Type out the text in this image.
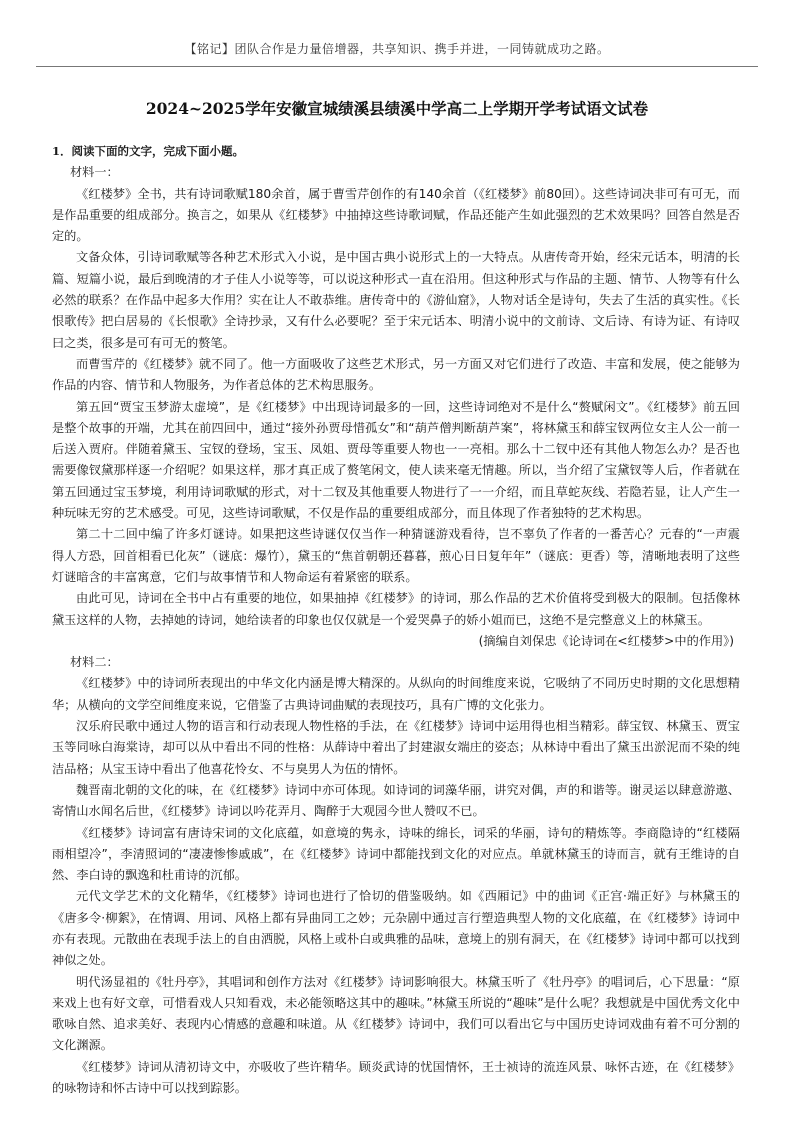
【铭记】团队合作是力量倍增器，共享知识、携手并进，一同铸就成功之路。
2024~2025学年安徽宣城绩溪县绩溪中学高二上学期开学考试语文试卷

1．阅读下面的文字，完成下面小题。

材料一：

《红楼梦》全书，共有诗词歌赋180余首，属于曹雪芹创作的有140余首（《红楼梦》前80回）。这些诗词决非可有可无，而是作品重要的组成部分。换言之，如果从《红楼梦》中抽掉这些诗歌词赋，作品还能产生如此强烈的艺术效果吗？回答自然是否定的。

文备众体，引诗词歌赋等各种艺术形式入小说，是中国古典小说形式上的一大特点。从唐传奇开始，经宋元话本，明清的长篇、短篇小说，最后到晚清的才子佳人小说等等，可以说这种形式一直在沿用。但这种形式与作品的主题、情节、人物等有什么必然的联系？在作品中起多大作用？实在让人不敢恭维。唐传奇中的《游仙窟》，人物对话全是诗句，失去了生活的真实性。《长恨歌传》把白居易的《长恨歌》全诗抄录，又有什么必要呢？至于宋元话本、明清小说中的文前诗、文后诗、有诗为证、有诗叹曰之类，很多是可有可无的赘笔。

而曹雪芹的《红楼梦》就不同了。他一方面吸收了这些艺术形式，另一方面又对它们进行了改造、丰富和发展，使之能够为作品的内容、情节和人物服务，为作者总体的艺术构思服务。

第五回“贾宝玉梦游太虚境”，是《红楼梦》中出现诗词最多的一回，这些诗词绝对不是什么“赘赋闲文”。《红楼梦》前五回是整个故事的开端，尤其在前四回中，通过“接外孙贾母惜孤女”和“葫芦僧判断葫芦案”，将林黛玉和薛宝钗两位女主人公一前一后送入贾府。伴随着黛玉、宝钗的登场，宝玉、凤姐、贾母等重要人物也一一亮相。那么十二钗中还有其他人物怎么办？是否也需要像钗黛那样逐一介绍呢？如果这样，那才真正成了赘笔闲文，使人读来毫无情趣。所以，当介绍了宝黛钗等人后，作者就在第五回通过宝玉梦境，利用诗词歌赋的形式，对十二钗及其他重要人物进行了一一介绍，而且草蛇灰线、若隐若显，让人产生一种玩味无穷的艺术感受。可见，这些诗词歌赋，不仅是作品的重要组成部分，而且体现了作者独特的艺术构思。

第二十二回中编了许多灯谜诗。如果把这些诗谜仅仅当作一种猜谜游戏看待，岂不辜负了作者的一番苦心？元春的“一声震得人方恐，回首相看已化灰”（谜底：爆竹），黛玉的“焦首朝朝还暮暮，煎心日日复年年”（谜底：更香）等，清晰地表明了这些灯谜暗含的丰富寓意，它们与故事情节和人物命运有着紧密的联系。

由此可见，诗词在全书中占有重要的地位，如果抽掉《红楼梦》的诗词，那么作品的艺术价值将受到极大的限制。包括像林黛玉这样的人物，去掉她的诗词，她给读者的印象也仅仅就是一个爱哭鼻子的娇小姐而已，这绝不是完整意义上的林黛玉。

(摘编自刘保忠《论诗词在<红楼梦>中的作用》)

材料二：

《红楼梦》中的诗词所表现出的中华文化内涵是博大精深的。从纵向的时间维度来说，它吸纳了不同历史时期的文化思想精华；从横向的文学空间维度来说，它借鉴了古典诗词曲赋的表现技巧，具有广博的文化张力。

汉乐府民歌中通过人物的语言和行动表现人物性格的手法，在《红楼梦》诗词中运用得也相当精彩。薛宝钗、林黛玉、贾宝玉等同咏白海棠诗，却可以从中看出不同的性格：从薛诗中着出了封建淑女端庄的姿态；从林诗中看出了黛玉出淤泥而不染的纯洁品格；从宝玉诗中看出了他喜花怜女、不与臭男人为伍的情怀。

魏晋南北朝的文化的味，在《红楼梦》诗词中亦可体现。如诗词的词藻华丽，讲究对偶，声的和谐等。谢灵运以肆意游遨、寄情山水闻名后世，《红楼梦》诗词以吟花弄月、陶醉于大观园今世人赞叹不已。

《红楼梦》诗词富有唐诗宋词的文化底蕴，如意境的隽永，诗味的绵长，词采的华丽，诗句的精炼等。李商隐诗的“红楼隔雨相望冷”，李清照词的“凄凄惨惨戚戚”，在《红楼梦》诗词中都能找到文化的对应点。单就林黛玉的诗而言，就有王维诗的自然、李白诗的飘逸和杜甫诗的沉郁。

元代文学艺术的文化精华，《红楼梦》诗词也进行了恰切的借鉴吸纳。如《西厢记》中的曲词《正宫·端正好》与林黛玉的《唐多令·柳絮》，在情调、用词、风格上都有异曲同工之妙；元杂剧中通过言行塑造典型人物的文化底蕴，在《红楼梦》诗词中亦有表现。元散曲在表现手法上的自由洒脱，风格上或朴白或典雅的品味，意境上的别有洞天，在《红楼梦》诗词中都可以找到神似之处。

明代汤显祖的《牡丹亭》，其唱词和创作方法对《红楼梦》诗词影响很大。林黛玉听了《牡丹亭》的唱词后，心下思量：“原来戏上也有好文章，可惜看戏人只知看戏，未必能领略这其中的趣味。”林黛玉所说的“趣味”是什么呢？我想就是中国优秀文化中歌咏自然、追求美好、表现内心情感的意趣和味道。从《红楼梦》诗词中，我们可以看出它与中国历史诗词戏曲有着不可分割的文化渊源。

《红楼梦》诗词从清初诗文中，亦吸收了些许精华。顾炎武诗的忧国情怀，王士祯诗的流连风景、咏怀古迹，在《红楼梦》的咏物诗和怀古诗中可以找到踪影。
